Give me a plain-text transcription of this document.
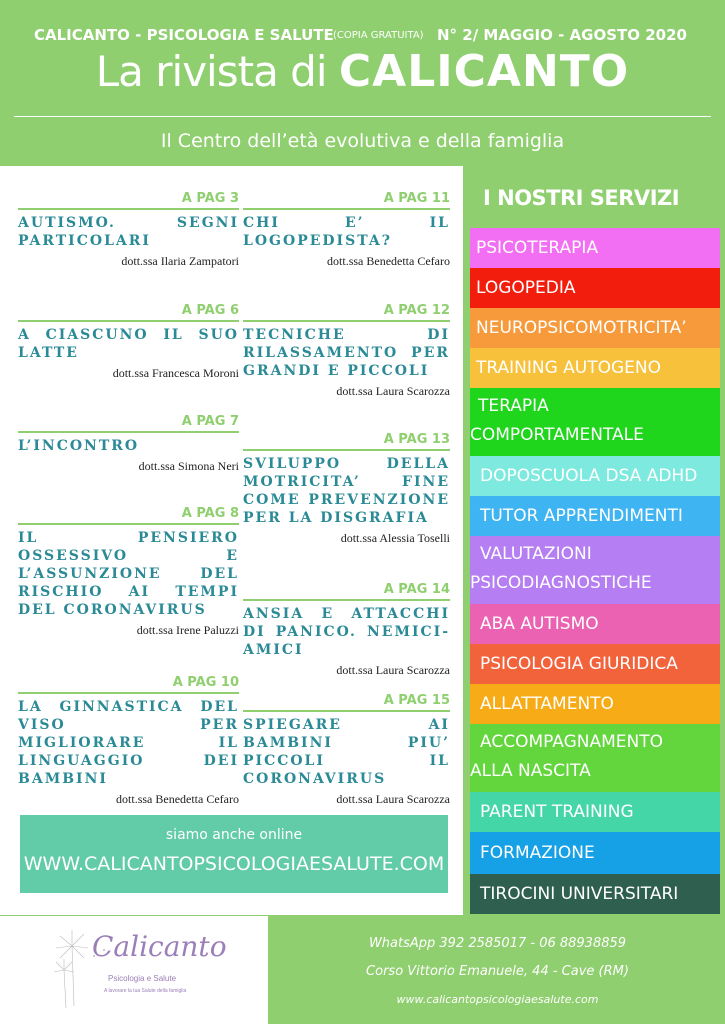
CALICANTO - PSICOLOGIA E SALUTE (COPIA GRATUITA) N° 2/ MAGGIO - AGOSTO 2020
La rivista di CALICANTO
Il Centro dell’età evolutiva e della famiglia
A PAG 3
AUTISMO. SEGNI PARTICOLARI
dott.ssa Ilaria Zampatori
A PAG 6
A CIASCUNO IL SUO LATTE
dott.ssa Francesca Moroni
A PAG 7
L’INCONTRO
dott.ssa Simona Neri
A PAG 8
IL PENSIERO OSSESSIVO E L’ASSUNZIONE DEL RISCHIO AI TEMPI DEL CORONAVIRUS
dott.ssa Irene Paluzzi
A PAG 10
LA GINNASTICA DEL VISO PER MIGLIORARE IL LINGUAGGIO DEI BAMBINI
dott.ssa Benedetta Cefaro
A PAG 11
CHI E’ IL LOGOPEDISTA?
dott.ssa Benedetta Cefaro
A PAG 12
TECNICHE DI RILASSAMENTO PER GRANDI E PICCOLI
dott.ssa Laura Scarozza
A PAG 13
SVILUPPO DELLA MOTRICITA’ FINE COME PREVENZIONE PER LA DISGRAFIA
dott.ssa Alessia Toselli
A PAG 14
ANSIA E ATTACCHI DI PANICO. NEMICI-AMICI
dott.ssa Laura Scarozza
A PAG 15
SPIEGARE AI BAMBINI PIU’ PICCOLI IL CORONAVIRUS
dott.ssa Laura Scarozza
siamo anche online
WWW.CALICANTOPSICOLOGIAESALUTE.COM
I NOSTRI SERVIZI
PSICOTERAPIA
LOGOPEDIA
NEUROPSICOMOTRICITA’
TRAINING AUTOGENO
TERAPIA COMPORTAMENTALE
DOPOSCUOLA DSA ADHD
TUTOR APPRENDIMENTI
VALUTAZIONI PSICODIAGNOSTICHE
ABA AUTISMO
PSICOLOGIA GIURIDICA
ALLATTAMENTO
ACCOMPAGNAMENTO ALLA NASCITA
PARENT TRAINING
FORMAZIONE
TIROCINI UNIVERSITARI
Calicanto
Psicologia e Salute
A lavorare la tua Salute della famiglia
WhatsApp 392 2585017 - 06 88938859
Corso Vittorio Emanuele, 44 - Cave (RM)
www.calicantopsicologiaesalute.com
